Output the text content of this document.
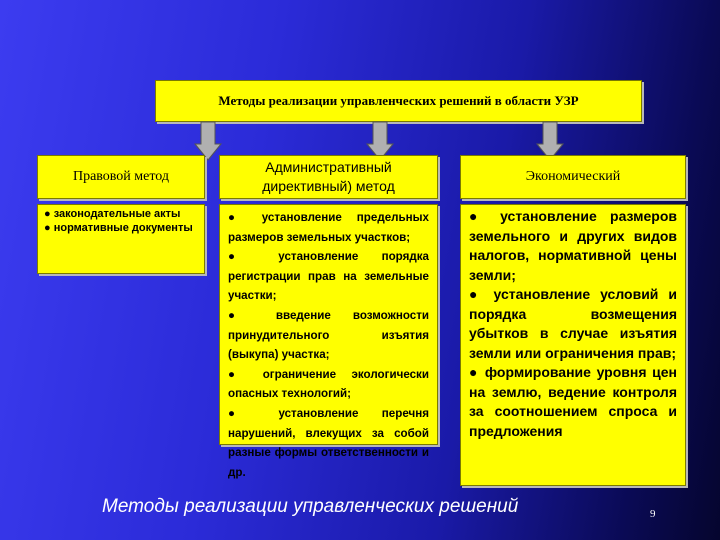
Методы реализации управленческих решений в области УЗР
Правовой метод
Административный директивный) метод
Экономический
● законодательные акты
● нормативные документы
● установление предельных размеров земельных участков;
● установление порядка регистрации прав на земельные участки;
● введение возможности принудительного изъятия (выкупа) участка;
● ограничение экологически опасных технологий;
● установление перечня нарушений, влекущих за собой разные формы ответственности и др.
● установление размеров земельного и других видов налогов, нормативной цены земли;
● установление условий и порядка возмещения убытков в случае изъятия земли или ограничения прав;
● формирование уровня цен на землю, ведение контроля за соотношением спроса и предложения
Методы реализации управленческих решений	9
